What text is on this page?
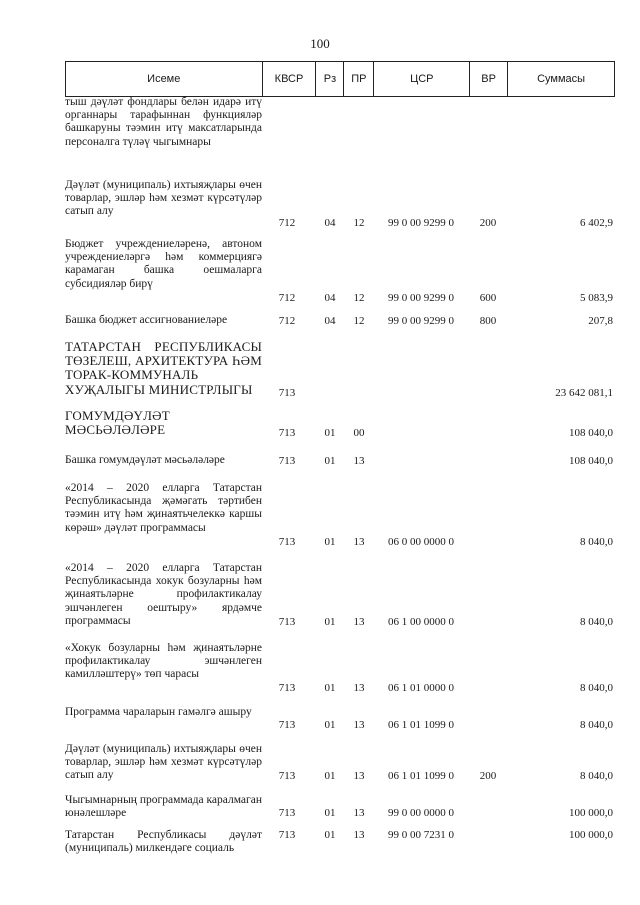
100
Исеме	КВСР	Рз	ПР	ЦСР	ВР	Суммасы
тыш дәүләт фондлары белән идарә итү органнары тарафыннан функцияләр башкаруны тәэмин итү максатларында персоналга түләү чыгымнары
Дәүләт (муниципаль) ихтыяҗлары өчен товарлар, эшләр һәм хезмәт күрсәтүләр сатып алу
712	04	12	99 0 00 9299 0	200	6 402,9
Бюджет учреждениеләренә, автоном учреждениеләргә һәм коммерциягә карамаган башка оешмаларга субсидияләр бирү
712	04	12	99 0 00 9299 0	600	5 083,9
Башка бюджет ассигнованиеләре	712	04	12	99 0 00 9299 0	800	207,8
ТАТАРСТАН РЕСПУБЛИКАСЫ ТӨЗЕЛЕШ, АРХИТЕКТУРА ҺӘМ ТОРАК-КОММУНАЛЬ ХУҖАЛЫГЫ МИНИСТРЛЫГЫ	713	23 642 081,1
ГОМУМДӘҮЛӘТ МӘСЬӘЛӘЛӘРЕ	713	01	00	108 040,0
Башка гомумдәүләт мәсьәләләре	713	01	13	108 040,0
«2014 – 2020 елларга Татарстан Республикасында җәмәгать тәртибен тәэмин итү һәм җинаятьчелеккә каршы көрәш» дәүләт программасы
713	01	13	06 0 00 0000 0	8 040,0
«2014 – 2020 елларга Татарстан Республикасында хокук бозуларны һәм җинаятьләрне профилактикалау эшчәнлеген оештыру» ярдәмче программасы	713	01	13	06 1 00 0000 0	8 040,0
«Хокук бозуларны һәм җинаятьләрне профилактикалау эшчәнлеген камиллəштерү» төп чарасы
713	01	13	06 1 01 0000 0	8 040,0
Программа чараларын гамәлгә ашыру
713	01	13	06 1 01 1099 0	8 040,0
Дәүләт (муниципаль) ихтыяҗлары өчен товарлар, эшләр һәм хезмәт күрсәтүләр сатып алу	713	01	13	06 1 01 1099 0	200	8 040,0
Чыгымнарның программада каралмаган юнәлешләре	713	01	13	99 0 00 0000 0	100 000,0
Татарстан Республикасы дәүләт (муниципаль) милкендәге социаль
713	01	13	99 0 00 7231 0	100 000,0
